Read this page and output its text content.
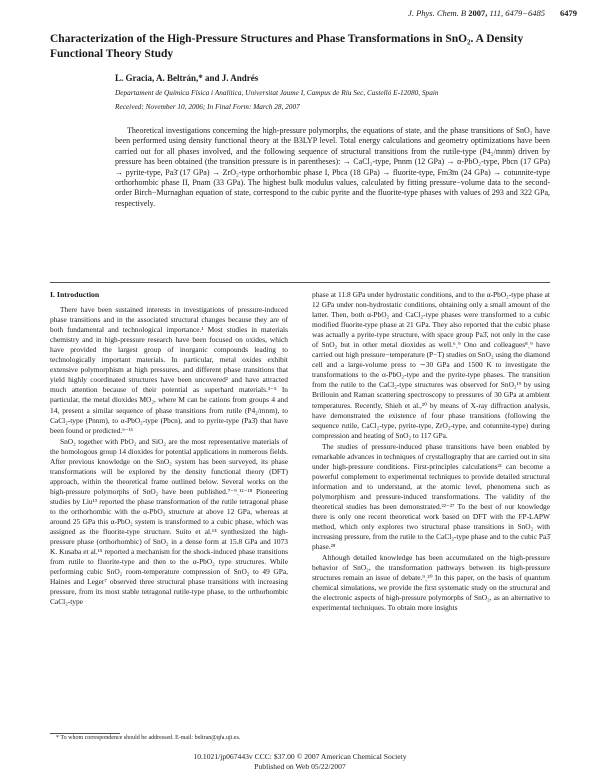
J. Phys. Chem. B 2007, 111, 6479−6485 6479
Characterization of the High-Pressure Structures and Phase Transformations in SnO₂. A Density Functional Theory Study
L. Gracia, A. Beltrán,* and J. Andrés
Departament de Química Física i Analítica, Universitat Jaume I, Campus de Riu Sec, Castelló E-12080, Spain
Received: November 10, 2006; In Final Form: March 28, 2007
Theoretical investigations concerning the high-pressure polymorphs, the equations of state, and the phase transitions of SnO₂ have been performed using density functional theory at the B3LYP level. Total energy calculations and geometry optimizations have been carried out for all phases involved, and the following sequence of structural transitions from the rutile-type (P4₂/mnm) driven by pressure has been obtained (the transition pressure is in parentheses): → CaCl₂-type, Pnnm (12 GPa) → α-PbO₂-type, Pbcn (17 GPa) → pyrite-type, Pa3̄ (17 GPa) → ZrO₂-type orthorhombic phase I, Pbca (18 GPa) → fluorite-type, Fm3̄m (24 GPa) → cotunnite-type orthorhombic phase II, Pnam (33 GPa). The highest bulk modulus values, calculated by fitting pressure−volume data to the second-order Birch−Murnaghan equation of state, correspond to the cubic pyrite and the fluorite-type phases with values of 293 and 322 GPa, respectively.
I. Introduction

There have been sustained interests in investigations of pressure-induced phase transitions and in the associated structural changes because they are of both fundamental and technological importance.¹ Most studies in materials chemistry and in high-pressure research have been focused on oxides, which have provided the largest group of inorganic compounds leading to technologically important materials. In particular, metal oxides exhibit extensive polymorphism at high pressures, and different phase transitions that yield highly coordinated structures have been uncovered² and have attracted much attention because of their potential as superhard materials.³⁻⁵ In particular, the metal dioxides MO₂, where M can be cations from groups 4 and 14, present a similar sequence of phase transitions from rutile (P4₂/mnm), to CaCl₂-type (Pnnm), to α-PbO₂-type (Pbcn), and to pyrite-type (Pa3̄) that have been found or predicted.⁶⁻¹¹

SnO₂ together with PbO₂ and SiO₂ are the most representative materials of the homologous group 14 dioxides for potential applications in numerous fields. After previous knowledge on the SnO₂ system has been surveyed, its phase transformations will be explored by the density functional theory (DFT) approach, within the theoretical frame outlined below. Several works on the high-pressure polymorphs of SnO₂ have been published.⁷⁻⁹ˎ¹²⁻¹⁸ Pioneering studies by Liu¹³ reported the phase transformation of the rutile tetragonal phase to the orthorhombic with the α-PbO₂ structure at above 12 GPa, whereas at around 25 GPa this α-PbO₂ system is transformed to a cubic phase, which was assigned as the fluorite-type structure. Suito et al.¹⁴ synthesized the high-pressure phase (orthorhombic) of SnO₂ in a dense form at 15.8 GPa and 1073 K. Kusaba et al.¹⁵ reported a mechanism for the shock-induced phase transitions from rutile to fluorite-type and then to the α-PbO₂ type structures. While performing cubic SnO₂ room-temperature compression of SnO₂ to 49 GPa, Haines and Leger⁷ observed three structural phase transitions with increasing pressure, from its most stable tetragonal rutile-type phase, to the orthorhombic CaCl₂-type

phase at 11.8 GPa under hydrostatic conditions, and to the α-PbO₂-type phase at 12 GPa under non-hydrostatic conditions, obtaining only a small amount of the latter. Then, both α-PbO₂ and CaCl₂-type phases were transformed to a cubic modified fluorite-type phase at 21 GPa. They also reported that the cubic phase was actually a pyrite-type structure, with space group Pa3̄, not only in the case of SnO₂ but in other metal dioxides as well.⁶ˎ⁹ Ono and colleagues⁸ˎ⁹ have carried out high pressure−temperature (P−T) studies on SnO₂ using the diamond cell and a large-volume press to ∼30 GPa and 1500 K to investigate the transformations to the α-PbO₂-type and the pyrite-type phases. The transition from the rutile to the CaCl₂-type structures was observed for SnO₂¹⁹ by using Brillouin and Raman scattering spectroscopy to pressures of 30 GPa at ambient temperatures. Recently, Shieh et al.,²⁰ by means of X-ray diffraction analysis, have demonstrated the existence of four phase transitions (following the sequence rutile, CaCl₂-type, pyrite-type, ZrO₂-type, and cotunnite-type) during compression and heating of SnO₂ to 117 GPa.

The studies of pressure-induced phase transitions have been enabled by remarkable advances in techniques of crystallography that are carried out in situ under high-pressure conditions. First-principles calculations²¹ can become a powerful complement to experimental techniques to provide detailed structural information and to understand, at the atomic level, phenomena such as polymorphism and pressure-induced transformations. The validity of the theoretical studies has been demonstrated.²²⁻²⁷ To the best of our knowledge there is only one recent theoretical work based on DFT with the FP-LAPW method, which only explores two structural phase transitions in SnO₂ with increasing pressure, from the rutile to the CaCl₂-type phase and to the cubic Pa3̄ phase.²⁸

Although detailed knowledge has been accumulated on the high-pressure behavior of SnO₂, the transformation pathways between its high-pressure structures remain an issue of debate.⁹ˎ²⁰ In this paper, on the basis of quantum chemical simulations, we provide the first systematic study on the structural and the electronic aspects of high-pressure polymorphs of SnO₂, as an alternative to experimental techniques. To obtain more insights

* To whom correspondence should be addressed. E-mail: beltran@qfa.uji.es.
10.1021/jp067443v CCC: $37.00 © 2007 American Chemical Society
Published on Web 05/22/2007
